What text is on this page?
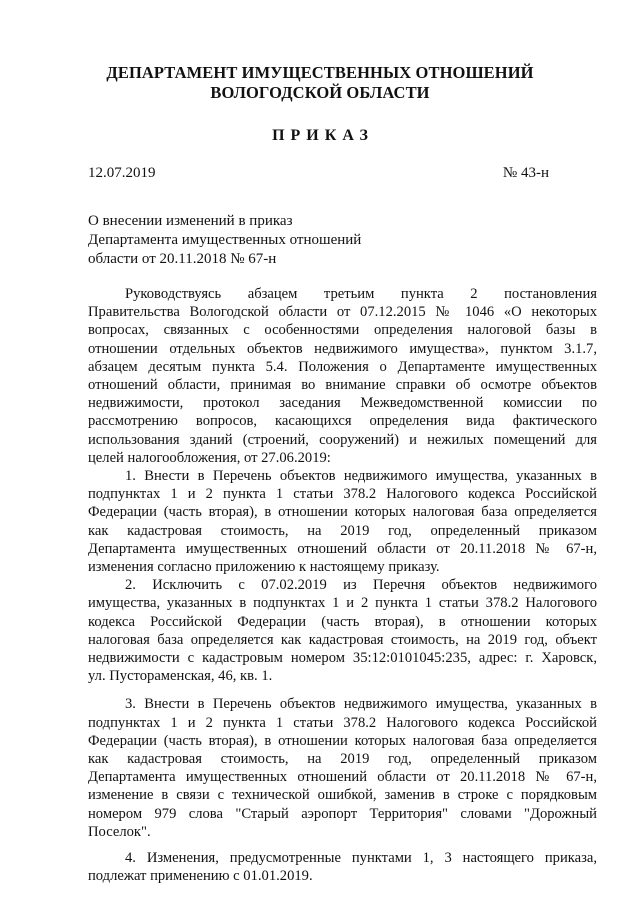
ДЕПАРТАМЕНТ ИМУЩЕСТВЕННЫХ ОТНОШЕНИЙ
ВОЛОГОДСКОЙ ОБЛАСТИ
ПРИКАЗ
12.07.2019	№ 43-н
О внесении изменений в приказ
Департамента имущественных отношений
области от 20.11.2018 № 67-н

Руководствуясь абзацем третьим пункта 2 постановления

Правительства Вологодской области от 07.12.2015 № 1046 «О некоторых

вопросах, связанных с особенностями определения налоговой базы в

отношении отдельных объектов недвижимого имущества», пунктом 3.1.7,

абзацем десятым пункта 5.4. Положения о Департаменте имущественных

отношений области, принимая во внимание справки об осмотре объектов

недвижимости, протокол заседания Межведомственной комиссии по

рассмотрению вопросов, касающихся определения вида фактического

использования зданий (строений, сооружений) и нежилых помещений для

целей налогообложения, от 27.06.2019:

1. Внести в Перечень объектов недвижимого имущества, указанных в

подпунктах 1 и 2 пункта 1 статьи 378.2 Налогового кодекса Российской

Федерации (часть вторая), в отношении которых налоговая база определяется

как кадастровая стоимость, на 2019 год, определенный приказом

Департамента имущественных отношений области от 20.11.2018 № 67-н,

изменения согласно приложению к настоящему приказу.

2. Исключить с 07.02.2019 из Перечня объектов недвижимого

имущества, указанных в подпунктах 1 и 2 пункта 1 статьи 378.2 Налогового

кодекса Российской Федерации (часть вторая), в отношении которых

налоговая база определяется как кадастровая стоимость, на 2019 год, объект

недвижимости с кадастровым номером 35:12:0101045:235, адрес: г. Харовск,

ул. Пустораменская, 46, кв. 1.

3. Внести в Перечень объектов недвижимого имущества, указанных в

подпунктах 1 и 2 пункта 1 статьи 378.2 Налогового кодекса Российской

Федерации (часть вторая), в отношении которых налоговая база определяется

как кадастровая стоимость, на 2019 год, определенный приказом

Департамента имущественных отношений области от 20.11.2018 № 67-н,

изменение в связи с технической ошибкой, заменив в строке с порядковым

номером 979 слова "Старый аэропорт Территория" словами "Дорожный

Поселок".

4. Изменения, предусмотренные пунктами 1, 3 настоящего приказа,

подлежат применению с 01.01.2019.
